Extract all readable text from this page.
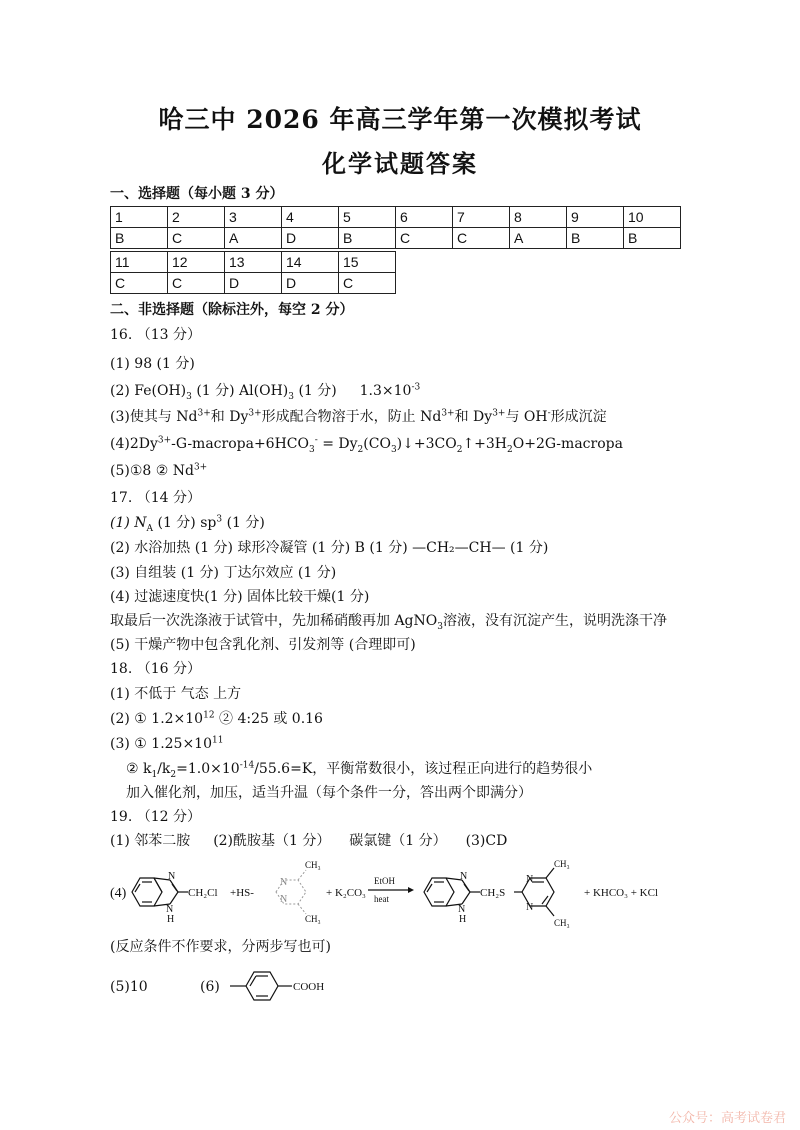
哈三中 2026 年高三学年第一次模拟考试
化学试题答案
一、选择题（每小题 3 分）
1	2	3	4	5	6	7	8	9	10
B	C	A	D	B	C	C	A	B	B
11	12	13	14	15
C	C	D	D	C
二、非选择题（除标注外，每空 2 分）
16. （13 分）
(1) 98 (1 分)
(2) $Fe(OH)_3$ (1 分) $Al(OH)_3$ (1 分) $1.3\times 10^{-3}$
(3)使其与 $Nd^{3+}$和 $Dy^{3+}$形成配合物溶于水，防止 $Nd^{3+}$和 $Dy^{3+}$与 OH-形成沉淀
$(4)2Dy^{3+}-G-macropa+6HCO_3^-$ = $Dy_2(CO_3)↓+3CO_2↑+3H_2O+2G$-macropa
(5)①8 ② $Nd^{3+}$
17. （14 分）
(1) $N_A$ (1 分) $sp^3$ (1 分)
(2) 水浴加热 (1 分) 球形冷凝管 (1 分) B (1 分) —CH₂—CH— (1 分)
(3) 自组装 (1 分) 丁达尔效应 (1 分)
(4) 过滤速度快(1 分) 固体比较干燥(1 分)
取最后一次洗涤液于试管中，先加稀硝酸再加 AgNO$_3$溶液，没有沉淀产生，说明洗涤干净
(5) 干燥产物中包含乳化剂、引发剂等 (合理即可)
18. （16 分）
(1) 不低于 气态 上方
(2) ① $1.2\times 10^{12}$ ② 4:25 或 0.16
(3) ① $1.25\times 10^{11}$
② $k_1/k_2=1.0\times 10^{-14}/55.6=K$，平衡常数很小，该过程正向进行的趋势很小
加入催化剂，加压，适当升温（每个条件一分，答出两个即满分）
19. （12 分）
(1) 邻苯二胺 (2)酰胺基（1 分） 碳氯键（1 分） (3)CD
(4)
N
N
H
CH₂Cl +HS-
N
N
CH₃
CH₃
+ K₂CO₃
EtOH
heat
N
N
H
CH₂S
N
N
CH₃
CH₃
+ KHCO₃ + KCl
(反应条件不作要求，分两步写也可)
(5)10	(6)	COOH
公众号：高考试卷君
